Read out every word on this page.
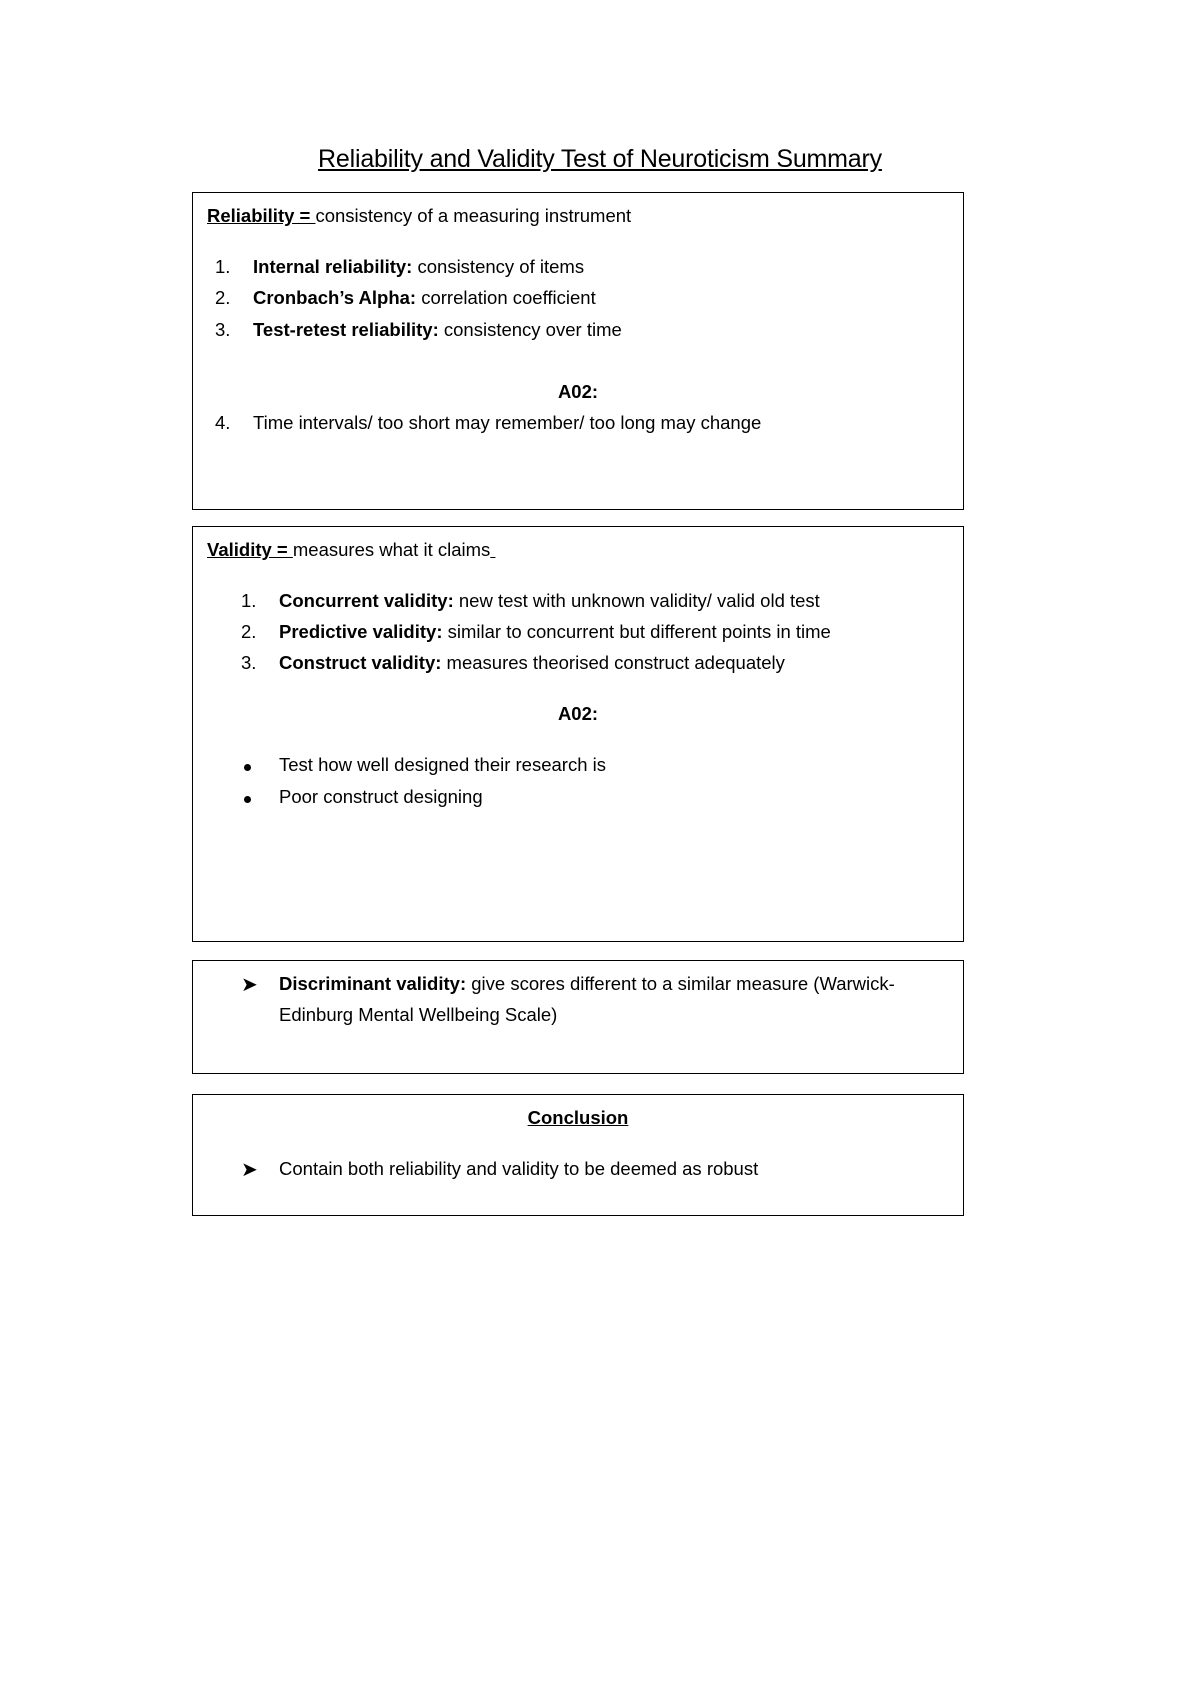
Reliability and Validity Test of Neuroticism Summary
Reliability = consistency of a measuring instrument
1. Internal reliability: consistency of items
2. Cronbach’s Alpha: correlation coefficient
3. Test-retest reliability: consistency over time
A02:
4. Time intervals/ too short may remember/ too long may change
Validity = measures what it claims
1. Concurrent validity: new test with unknown validity/ valid old test
2. Predictive validity: similar to concurrent but different points in time
3. Construct validity: measures theorised construct adequately
A02:
Test how well designed their research is
Poor construct designing
➤ Discriminant validity: give scores different to a similar measure (Warwick-
Edinburg Mental Wellbeing Scale)
Conclusion
➤ Contain both reliability and validity to be deemed as robust
